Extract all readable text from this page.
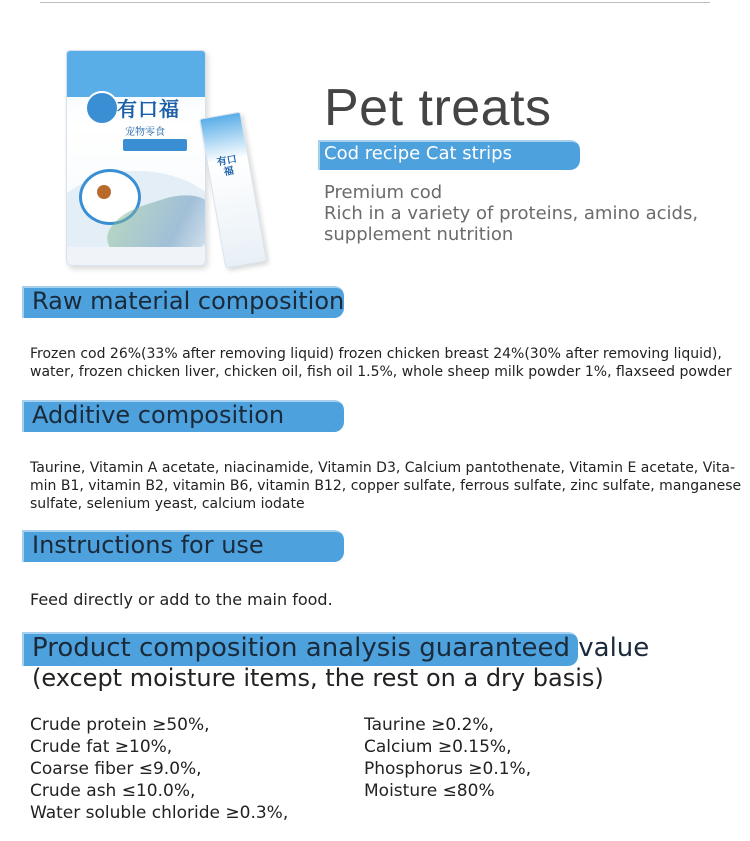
有口福
宠物零食
有口福
Pet treats
Cod recipe Cat strips
Premium cod
Rich in a variety of proteins, amino acids,
supplement nutrition
Raw material composition
Frozen cod 26%(33% after removing liquid) frozen chicken breast 24%(30% after removing liquid),
water, frozen chicken liver, chicken oil, fish oil 1.5%, whole sheep milk powder 1%, flaxseed powder
Additive composition
Taurine, Vitamin A acetate, niacinamide, Vitamin D3, Calcium pantothenate, Vitamin E acetate, Vita-
min B1, vitamin B2, vitamin B6, vitamin B12, copper sulfate, ferrous sulfate, zinc sulfate, manganese
sulfate, selenium yeast, calcium iodate
Instructions for use
Feed directly or add to the main food.
Product composition analysis guaranteed value
(except moisture items, the rest on a dry basis)
Crude protein ≥50%,
Crude fat ≥10%,
Coarse fiber ≤9.0%,
Crude ash ≤10.0%,
Water soluble chloride ≥0.3%,
Taurine ≥0.2%,
Calcium ≥0.15%,
Phosphorus ≥0.1%,
Moisture ≤80%
